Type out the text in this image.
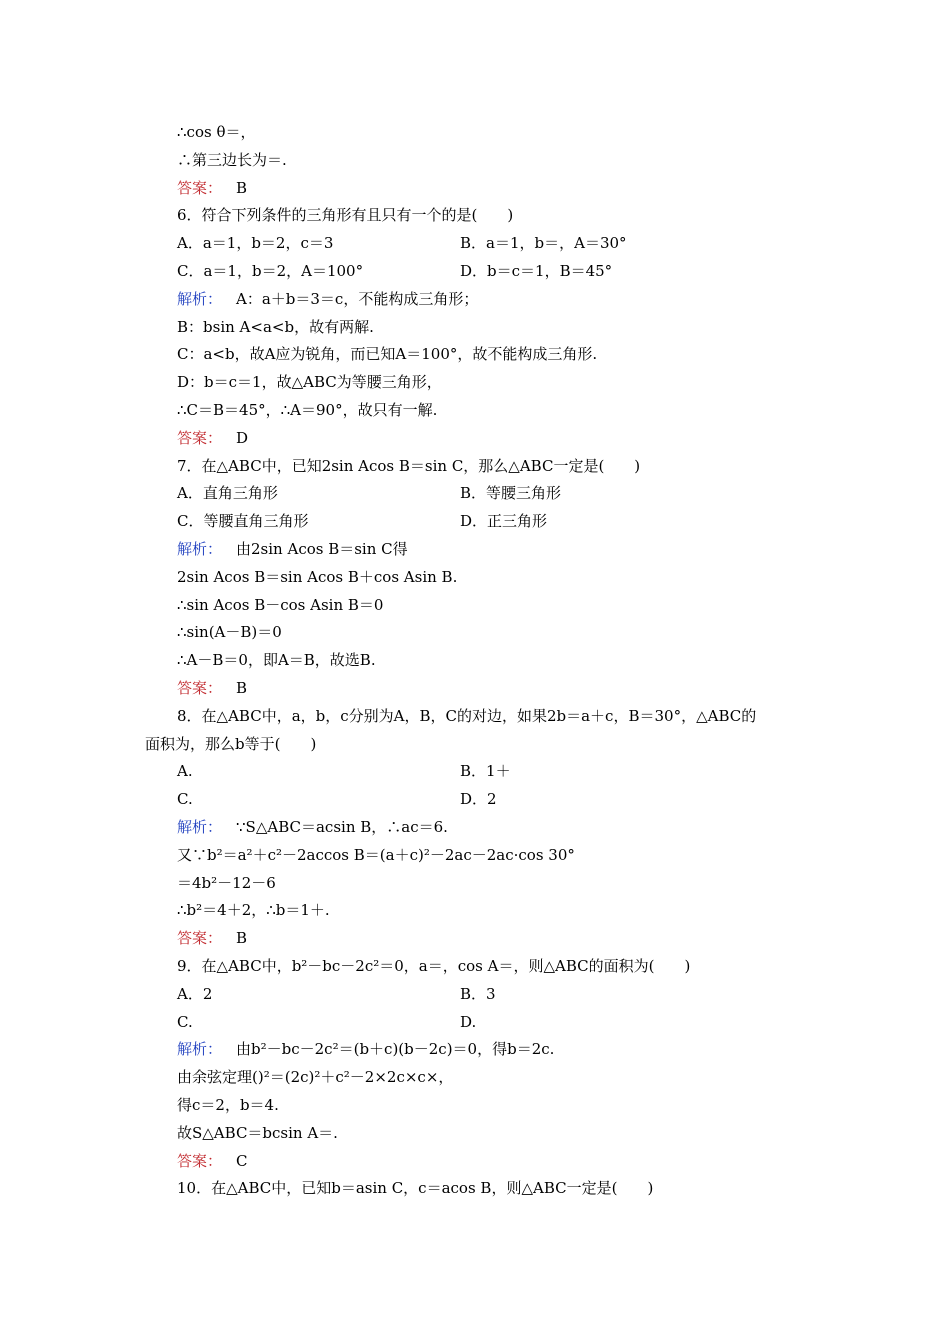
∴cos θ＝，
∴第三边长为＝.
答案： B
6．符合下列条件的三角形有且只有一个的是(　　)
A．a＝1，b＝2，c＝3	B．a＝1，b＝，A＝30°
C．a＝1，b＝2，A＝100°	D．b＝c＝1，B＝45°
解析： A：a＋b＝3＝c，不能构成三角形；
B：bsin A<a<b，故有两解.
C：a<b，故A应为锐角，而已知A＝100°，故不能构成三角形.
D：b＝c＝1，故△ABC为等腰三角形，
∴C＝B＝45°，∴A＝90°，故只有一解.
答案： D
7．在△ABC中，已知2sin Acos B＝sin C，那么△ABC一定是(　　)
A．直角三角形	B．等腰三角形
C．等腰直角三角形	D．正三角形
解析： 由2sin Acos B＝sin C得
2sin Acos B＝sin Acos B＋cos Asin B.
∴sin Acos B－cos Asin B＝0
∴sin(A－B)＝0
∴A－B＝0，即A＝B，故选B.
答案： B
8．在△ABC中，a，b，c分别为A，B，C的对边，如果2b＝a＋c，B＝30°，△ABC的
面积为，那么b等于(　　)
A.	B．1＋
C.	D．2
解析： ∵S△ABC＝acsin B，∴ac＝6.
又∵b²＝a²＋c²－2accos B＝(a＋c)²－2ac－2ac·cos 30°
＝4b²－12－6
∴b²＝4＋2，∴b＝1＋.
答案： B
9．在△ABC中，b²－bc－2c²＝0，a＝，cos A＝，则△ABC的面积为(　　)
A．2	B．3
C.	D.
解析： 由b²－bc－2c²＝(b＋c)(b－2c)＝0，得b＝2c.
由余弦定理()²＝(2c)²＋c²－2×2c×c×，
得c＝2，b＝4.
故S△ABC＝bcsin A＝.
答案： C
10．在△ABC中，已知b＝asin C，c＝acos B，则△ABC一定是(　　)
